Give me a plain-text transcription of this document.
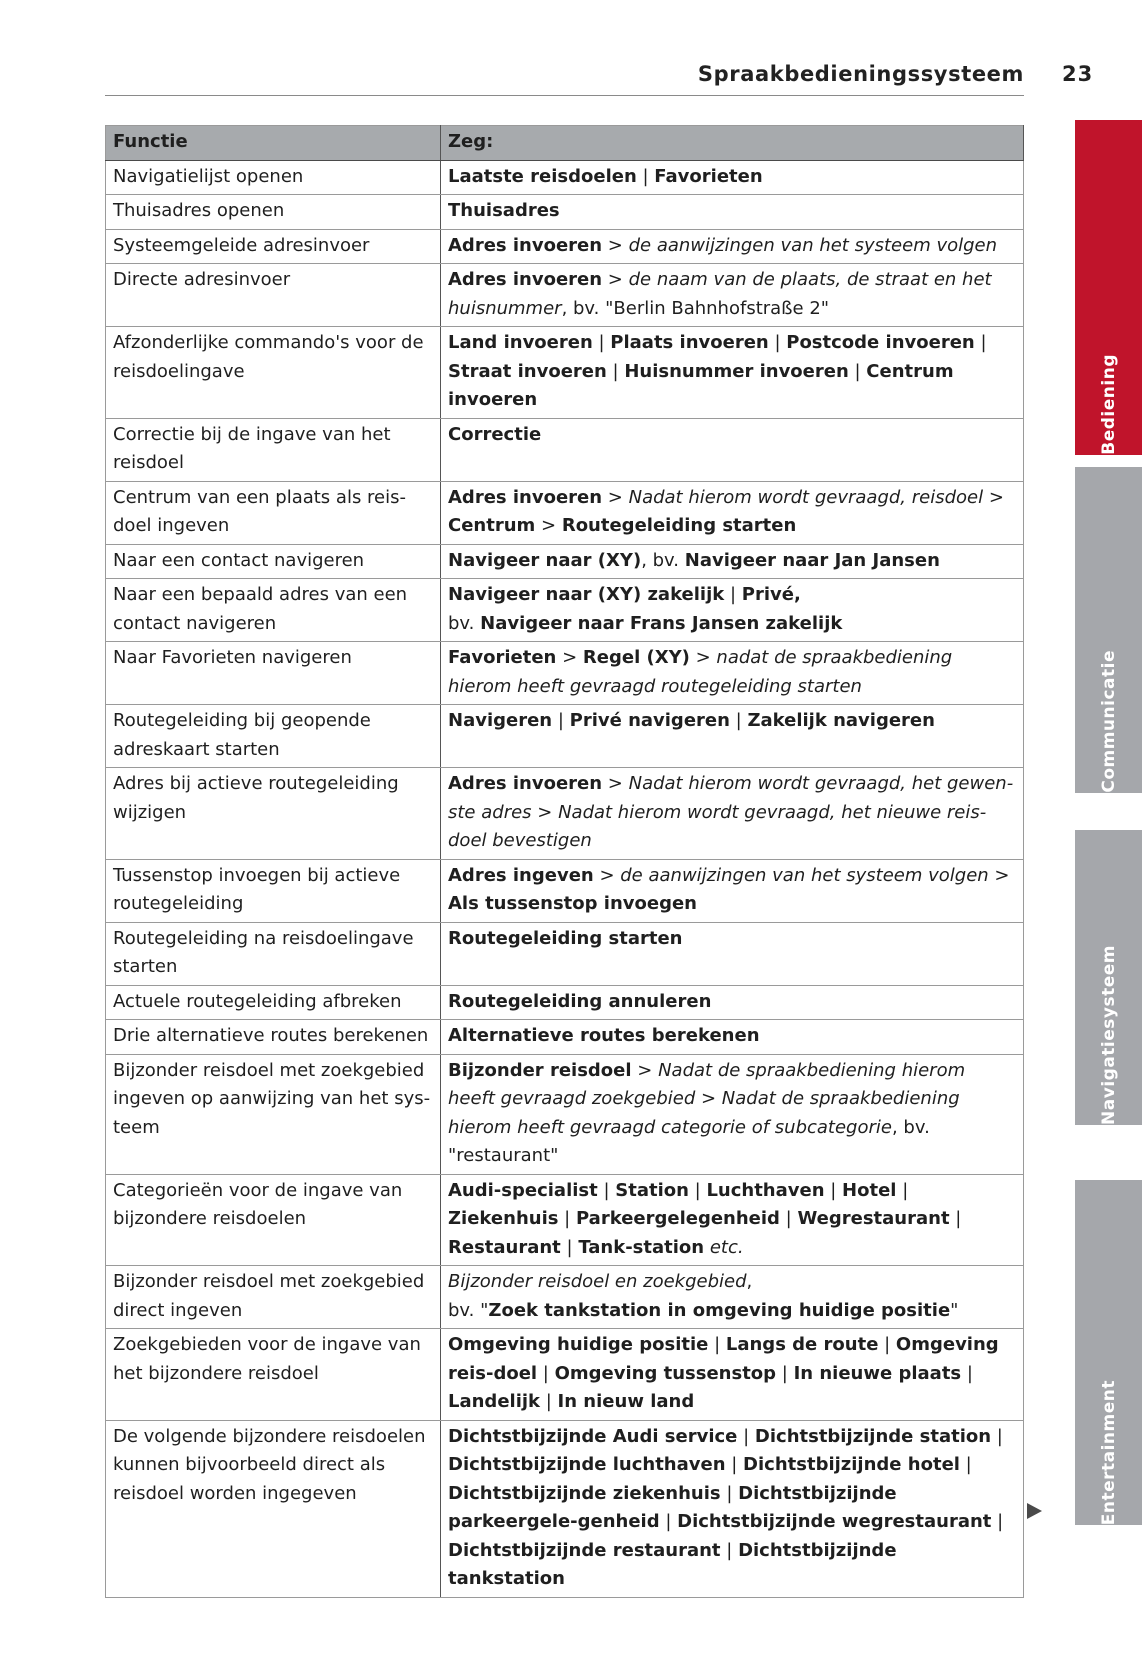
Spraakbedieningssysteem 23
Functie	Zeg:
Navigatielijst openen	Laatste reisdoelen | Favorieten
Thuisadres openen	Thuisadres
Systeemgeleide adresinvoer	Adres invoeren > de aanwijzingen van het systeem volgen
Directe adresinvoer	Adres invoeren > de naam van de plaats, de straat en het huisnummer, bv. "Berlin Bahnhofstraße 2"
Afzonderlijke commando's voor de reisdoelingave	Land invoeren | Plaats invoeren | Postcode invoeren | Straat invoeren | Huisnummer invoeren | Centrum invoeren
Correctie bij de ingave van het reisdoel	Correctie
Centrum van een plaats als reis-doel ingeven	Adres invoeren > Nadat hierom wordt gevraagd, reisdoel > Centrum > Routegeleiding starten
Naar een contact navigeren	Navigeer naar (XY), bv. Navigeer naar Jan Jansen
Naar een bepaald adres van een contact navigeren	Navigeer naar (XY) zakelijk | Privé,
bv. Navigeer naar Frans Jansen zakelijk
Naar Favorieten navigeren	Favorieten > Regel (XY) > nadat de spraakbediening hierom heeft gevraagd routegeleiding starten
Routegeleiding bij geopende adreskaart starten	Navigeren | Privé navigeren | Zakelijk navigeren
Adres bij actieve routegeleiding wijzigen	Adres invoeren > Nadat hierom wordt gevraagd, het gewen-ste adres > Nadat hierom wordt gevraagd, het nieuwe reis-doel bevestigen
Tussenstop invoegen bij actieve routegeleiding	Adres ingeven > de aanwijzingen van het systeem volgen > Als tussenstop invoegen
Routegeleiding na reisdoelingave starten	Routegeleiding starten
Actuele routegeleiding afbreken	Routegeleiding annuleren
Drie alternatieve routes berekenen	Alternatieve routes berekenen
Bijzonder reisdoel met zoekgebied ingeven op aanwijzing van het sys-teem	Bijzonder reisdoel > Nadat de spraakbediening hierom heeft gevraagd zoekgebied > Nadat de spraakbediening hierom heeft gevraagd categorie of subcategorie, bv. "restaurant"
Categorieën voor de ingave van bijzondere reisdoelen	Audi-specialist | Station | Luchthaven | Hotel | Ziekenhuis | Parkeergelegenheid | Wegrestaurant | Restaurant | Tank-station etc.
Bijzonder reisdoel met zoekgebied direct ingeven	Bijzonder reisdoel en zoekgebied,
bv. "Zoek tankstation in omgeving huidige positie"
Zoekgebieden voor de ingave van het bijzondere reisdoel	Omgeving huidige positie | Langs de route | Omgeving reis-doel | Omgeving tussenstop | In nieuwe plaats | Landelijk | In nieuw land
De volgende bijzondere reisdoelen kunnen bijvoorbeeld direct als reisdoel worden ingegeven	Dichtstbijzijnde Audi service | Dichtstbijzijnde station | Dichtstbijzijnde luchthaven | Dichtstbijzijnde hotel | Dichtstbijzijnde ziekenhuis | Dichtstbijzijnde parkeergele-genheid | Dichtstbijzijnde wegrestaurant | Dichtstbijzijnde restaurant | Dichtstbijzijnde tankstation
Bediening
Communicatie
Navigatiesysteem
Entertainment
